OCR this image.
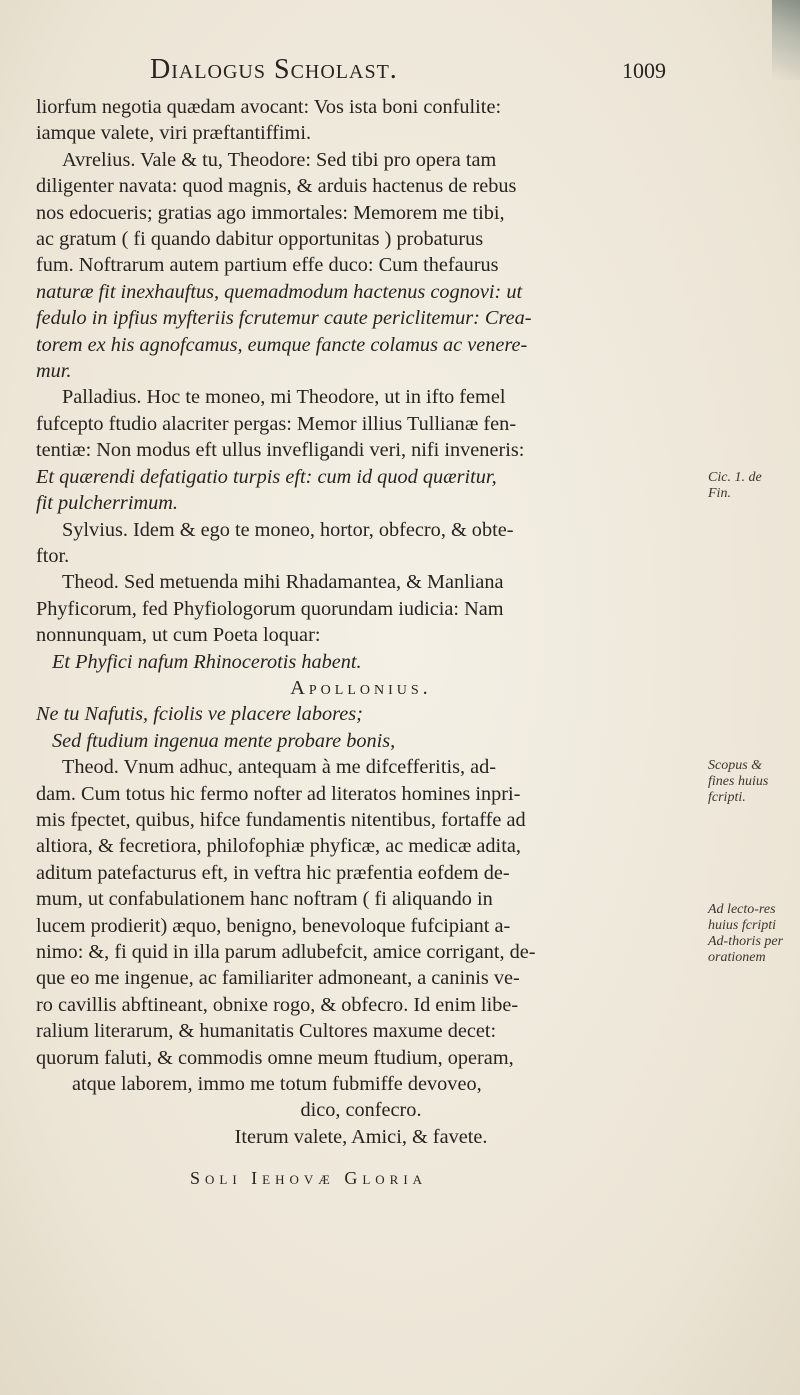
Dialogus Scholast.	1009

liorfum negotia quædam avocant: Vos ista boni confulite:

iamque valete, viri præftantiffimi.

Avrelius. Vale & tu, Theodore: Sed tibi pro opera tam

diligenter navata: quod magnis, & arduis hactenus de rebus

nos edocueris; gratias ago immortales: Memorem me tibi,

ac gratum ( fi quando dabitur opportunitas ) probaturus

fum. Noftrarum autem partium effe duco: Cum thefaurus

naturæ fit inexhauftus, quemadmodum hactenus cognovi: ut

fedulo in ipfius myfteriis fcrutemur caute periclitemur: Crea-

torem ex his agnofcamus, eumque fancte colamus ac venere-

mur.

Palladius. Hoc te moneo, mi Theodore, ut in ifto femel

fufcepto ftudio alacriter pergas: Memor illius Tullianæ fen-

tentiæ: Non modus eft ullus invefligandi veri, nifi inveneris:

Et quærendi defatigatio turpis eft: cum id quod quæritur,

fit pulcherrimum.

Sylvius. Idem & ego te moneo, hortor, obfecro, & obte-

ftor.

Theod. Sed metuenda mihi Rhadamantea, & Manliana

Phyficorum, fed Phyfiologorum quorundam iudicia: Nam

nonnunquam, ut cum Poeta loquar:

Et Phyfici nafum Rhinocerotis habent.

Apollonius.

Ne tu Nafutis, fciolis ve placere labores;

Sed ftudium ingenua mente probare bonis,

Theod. Vnum adhuc, antequam à me difcefferitis, ad-

dam. Cum totus hic fermo nofter ad literatos homines inpri-

mis fpectet, quibus, hifce fundamentis nitentibus, fortaffe ad

altiora, & fecretiora, philofophiæ phyficæ, ac medicæ adita,

aditum patefacturus eft, in veftra hic præfentia eofdem de-

mum, ut confabulationem hanc noftram ( fi aliquando in

lucem prodierit) æquo, benigno, benevoloque fufcipiant a-

nimo: &, fi quid in illa parum adlubefcit, amice corrigant, de-

que eo me ingenue, ac familiariter admoneant, a caninis ve-

ro cavillis abftineant, obnixe rogo, & obfecro. Id enim libe-

ralium literarum, & humanitatis Cultores maxume decet:

quorum faluti, & commodis omne meum ftudium, operam,

atque laborem, immo me totum fubmiffe devoveo,

dico, confecro.

Iterum valete, Amici, & favete.

Cic. 1. de Fin.
Scopus & fines huius fcripti.
Ad lecto-res huius fcripti Ad-thoris per orationem
Soli Iehovæ Gloria
